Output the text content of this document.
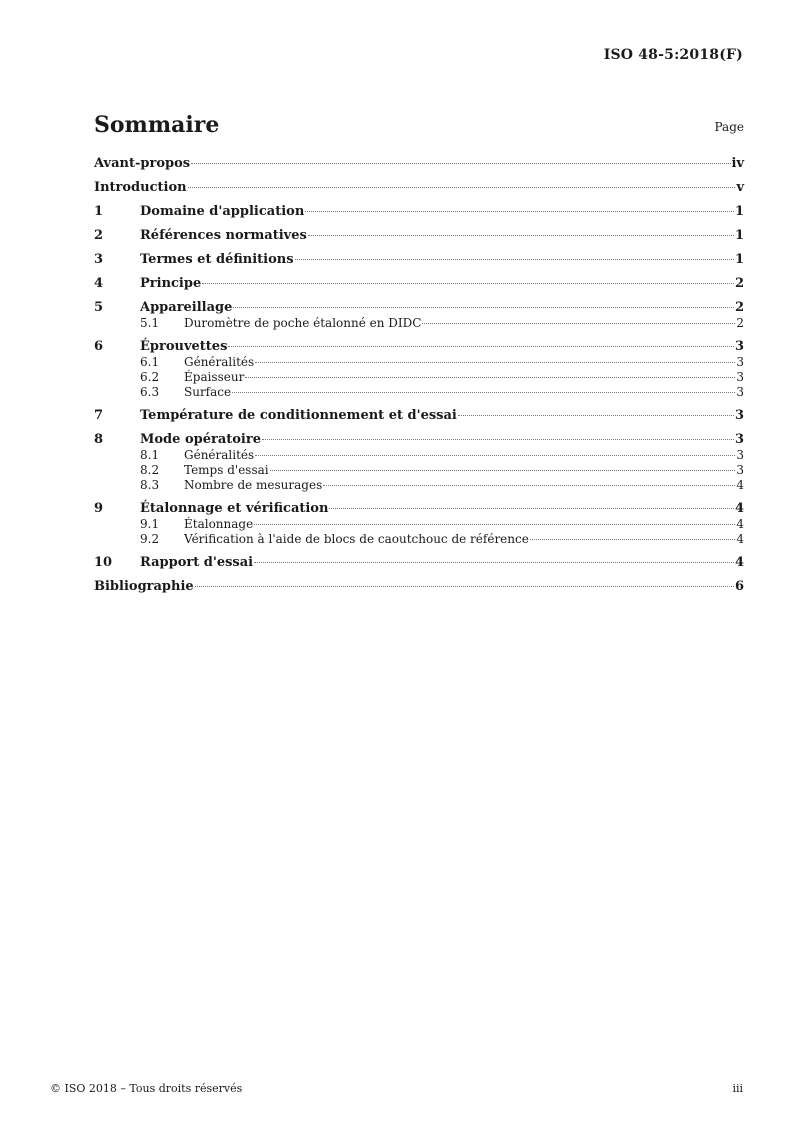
ISO 48-5:2018(F)
Sommaire	Page
Avant-propos	iv
Introduction	v
1	Domaine d'application	1
2	Références normatives	1
3	Termes et définitions	1
4	Principe	2
5	Appareillage	2
5.1	Duromètre de poche étalonné en DIDC	2
6	Éprouvettes	3
6.1	Généralités	3
6.2	Épaisseur	3
6.3	Surface	3
7	Température de conditionnement et d'essai	3
8	Mode opératoire	3
8.1	Généralités	3
8.2	Temps d'essai	3
8.3	Nombre de mesurages	4
9	Étalonnage et vérification	4
9.1	Étalonnage	4
9.2	Vérification à l'aide de blocs de caoutchouc de référence	4
10	Rapport d'essai	4
Bibliographie	6
© ISO 2018 – Tous droits réservés	iii
